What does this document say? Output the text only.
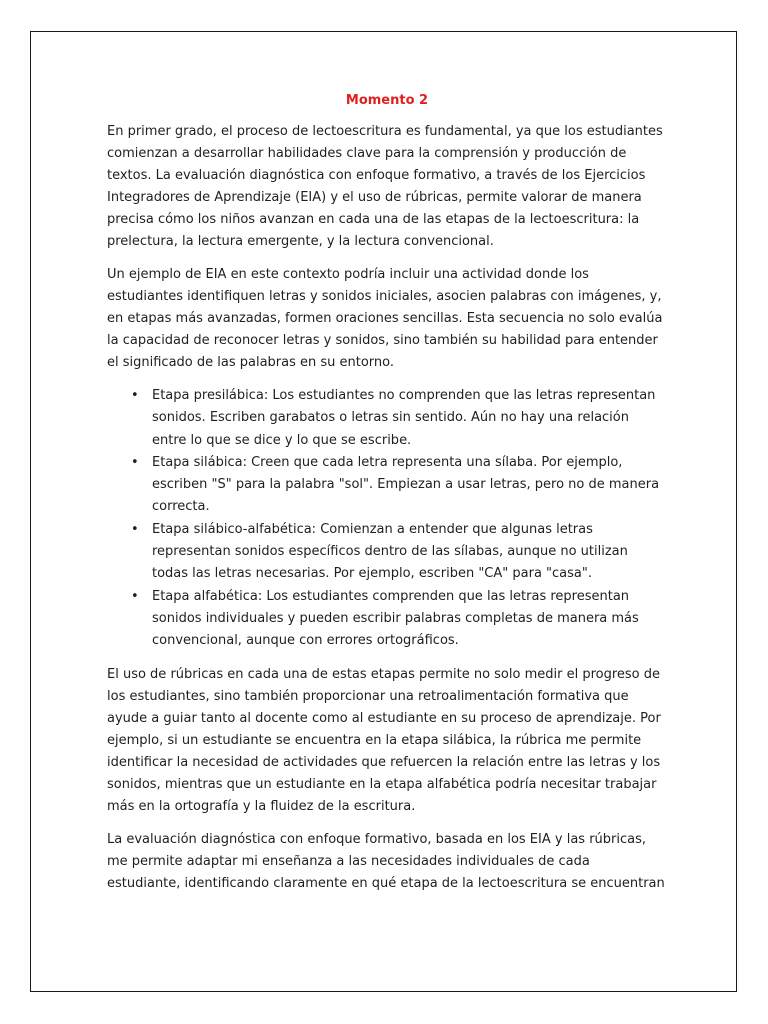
Momento 2

En primer grado, el proceso de lectoescritura es fundamental, ya que los estudiantes comienzan a desarrollar habilidades clave para la comprensión y producción de textos. La evaluación diagnóstica con enfoque formativo, a través de los Ejercicios Integradores de Aprendizaje (EIA) y el uso de rúbricas, permite valorar de manera precisa cómo los niños avanzan en cada una de las etapas de la lectoescritura: la prelectura, la lectura emergente, y la lectura convencional.

Un ejemplo de EIA en este contexto podría incluir una actividad donde los estudiantes identifiquen letras y sonidos iniciales, asocien palabras con imágenes, y, en etapas más avanzadas, formen oraciones sencillas. Esta secuencia no solo evalúa la capacidad de reconocer letras y sonidos, sino también su habilidad para entender el significado de las palabras en su entorno.

• Etapa presilábica: Los estudiantes no comprenden que las letras representan sonidos. Escriben garabatos o letras sin sentido. Aún no hay una relación entre lo que se dice y lo que se escribe.
• Etapa silábica: Creen que cada letra representa una sílaba. Por ejemplo, escriben "S" para la palabra "sol". Empiezan a usar letras, pero no de manera correcta.
• Etapa silábico-alfabética: Comienzan a entender que algunas letras representan sonidos específicos dentro de las sílabas, aunque no utilizan todas las letras necesarias. Por ejemplo, escriben "CA" para "casa".
• Etapa alfabética: Los estudiantes comprenden que las letras representan sonidos individuales y pueden escribir palabras completas de manera más convencional, aunque con errores ortográficos.

El uso de rúbricas en cada una de estas etapas permite no solo medir el progreso de los estudiantes, sino también proporcionar una retroalimentación formativa que ayude a guiar tanto al docente como al estudiante en su proceso de aprendizaje. Por ejemplo, si un estudiante se encuentra en la etapa silábica, la rúbrica me permite identificar la necesidad de actividades que refuercen la relación entre las letras y los sonidos, mientras que un estudiante en la etapa alfabética podría necesitar trabajar más en la ortografía y la fluidez de la escritura.

La evaluación diagnóstica con enfoque formativo, basada en los EIA y las rúbricas, me permite adaptar mi enseñanza a las necesidades individuales de cada estudiante, identificando claramente en qué etapa de la lectoescritura se encuentran
